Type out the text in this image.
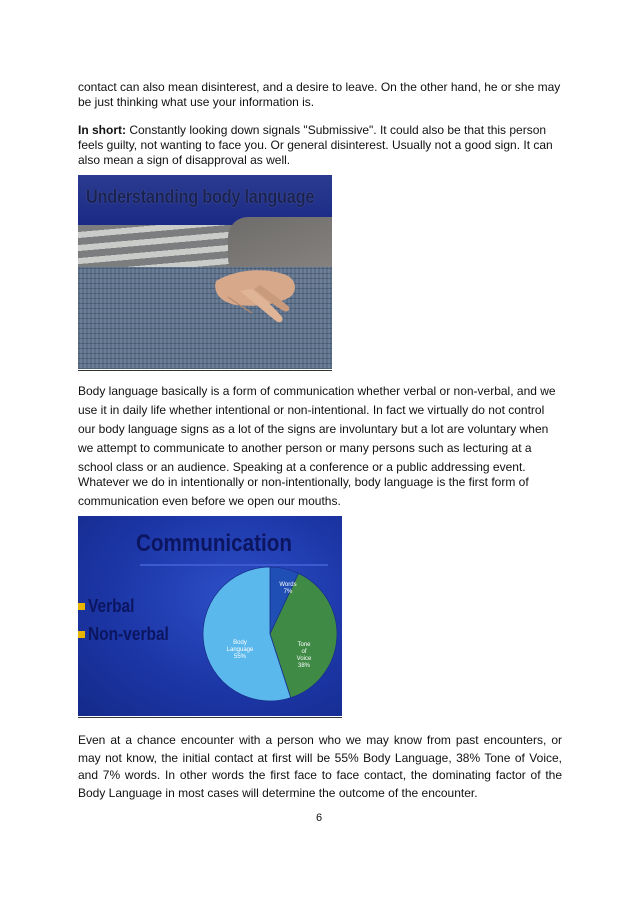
contact can also mean disinterest, and a desire to leave. On the other hand, he or she may be just thinking what use your information is.

In short: Constantly looking down signals "Submissive". It could also be that this person feels guilty, not wanting to face you. Or general disinterest. Usually not a good sign. It can also mean a sign of disapproval as well.

Understanding body language

Body language basically is a form of communication whether verbal or non-verbal, and we use it in daily life whether intentional or non-intentional. In fact we virtually do not control our body language signs as a lot of the signs are involuntary but a lot are voluntary when we attempt to communicate to another person or many persons such as lecturing at a school class or an audience. Speaking at a conference or a public addressing event.

Whatever we do in intentionally or non-intentionally, body language is the first form of communication even before we open our mouths.

Communication
Verbal
Non-verbal
Words 7%
Tone of Voice 38%
Body Language 55%

Even at a chance encounter with a person who we may know from past encounters, or may not know, the initial contact at first will be 55% Body Language, 38% Tone of Voice, and 7% words. In other words the first face to face contact, the dominating factor of the Body Language in most cases will determine the outcome of the encounter.

6
